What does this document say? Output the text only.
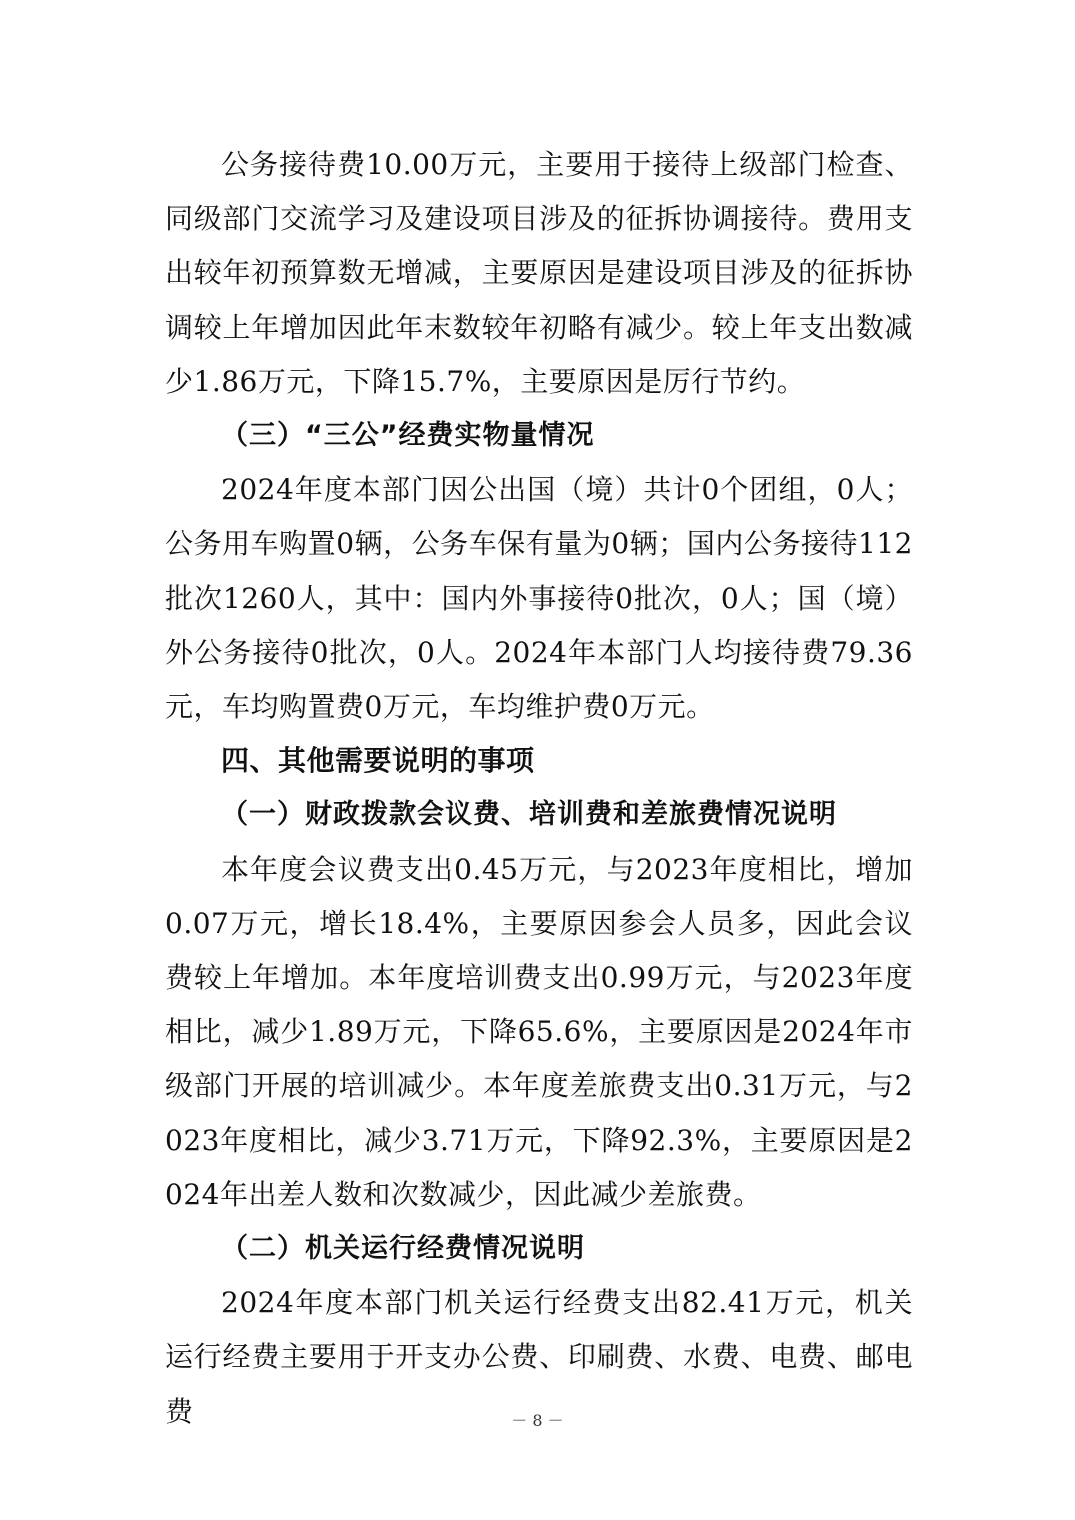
公务接待费10.00万元，主要用于接待上级部门检查、同级部门交流学习及建设项目涉及的征拆协调接待。费用支出较年初预算数无增减，主要原因是建设项目涉及的征拆协调较上年增加因此年末数较年初略有减少。较上年支出数减少1.86万元，下降15.7%，主要原因是厉行节约。

（三）“三公”经费实物量情况

2024年度本部门因公出国（境）共计0个团组，0人；公务用车购置0辆，公务车保有量为0辆；国内公务接待112批次1260人，其中：国内外事接待0批次，0人；国（境）外公务接待0批次，0人。2024年本部门人均接待费79.36元，车均购置费0万元，车均维护费0万元。

四、其他需要说明的事项

（一）财政拨款会议费、培训费和差旅费情况说明

本年度会议费支出0.45万元，与2023年度相比，增加0.07万元，增长18.4%，主要原因参会人员多，因此会议费较上年增加。本年度培训费支出0.99万元，与2023年度相比，减少1.89万元，下降65.6%，主要原因是2024年市级部门开展的培训减少。本年度差旅费支出0.31万元，与2023年度相比，减少3.71万元，下降92.3%，主要原因是2024年出差人数和次数减少，因此减少差旅费。

（二）机关运行经费情况说明

2024年度本部门机关运行经费支出82.41万元，机关运行经费主要用于开支办公费、印刷费、水费、电费、邮电费	－ 8 －
